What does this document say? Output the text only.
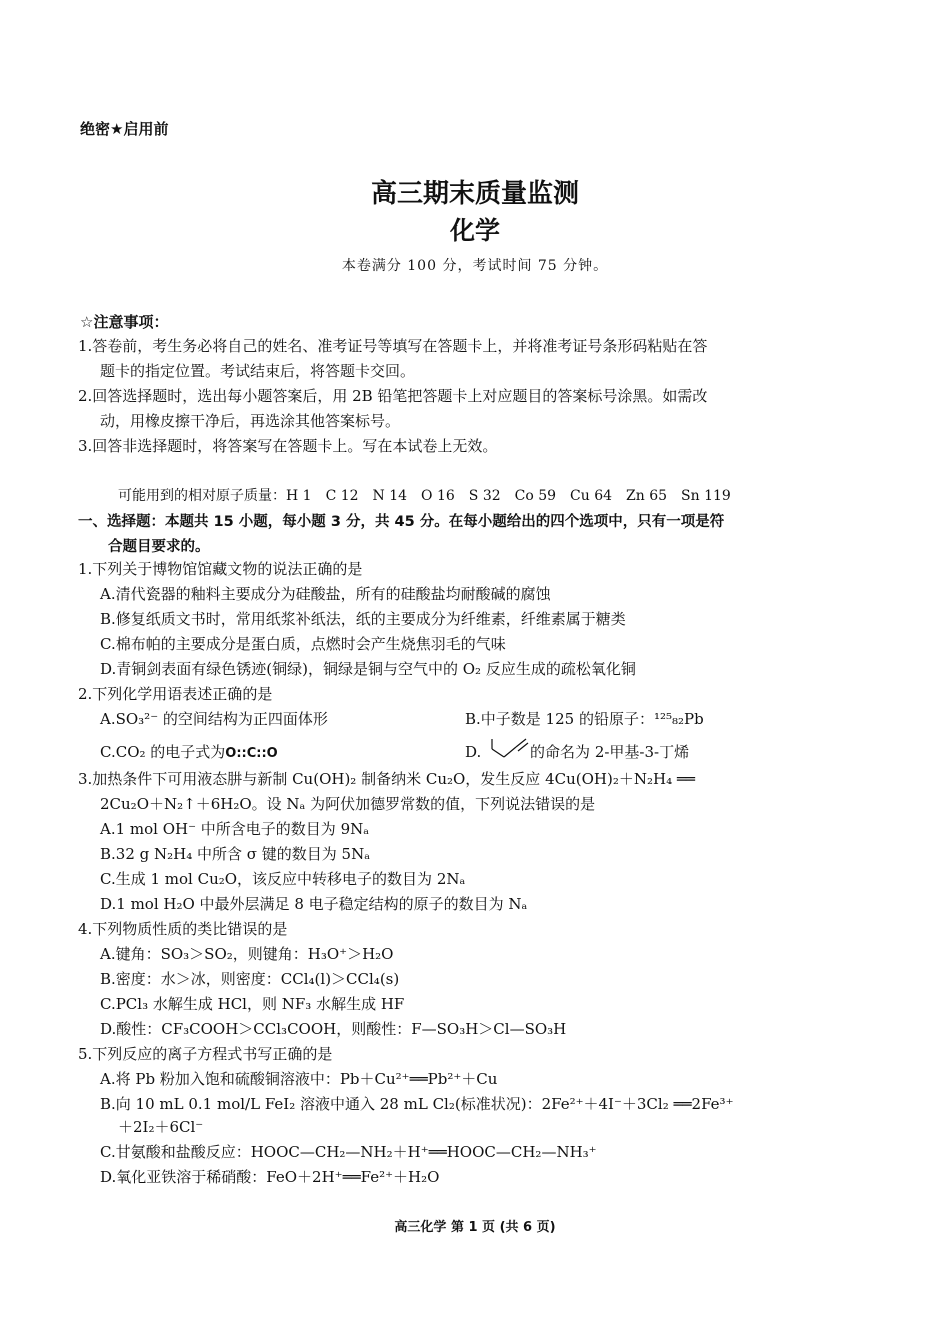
绝密★启用前
高三期末质量监测
化学
本卷满分 100 分，考试时间 75 分钟。
☆注意事项：
1.答卷前，考生务必将自己的姓名、准考证号等填写在答题卡上，并将准考证号条形码粘贴在答
题卡的指定位置。考试结束后，将答题卡交回。
2.回答选择题时，选出每小题答案后，用 2B 铅笔把答题卡上对应题目的答案标号涂黑。如需改
动，用橡皮擦干净后，再选涂其他答案标号。
3.回答非选择题时，将答案写在答题卡上。写在本试卷上无效。
可能用到的相对原子质量：H 1　C 12　N 14　O 16　S 32　Co 59　Cu 64　Zn 65　Sn 119
一、选择题：本题共 15 小题，每小题 3 分，共 45 分。在每小题给出的四个选项中，只有一项是符
合题目要求的。
1.下列关于博物馆馆藏文物的说法正确的是
A.清代瓷器的釉料主要成分为硅酸盐，所有的硅酸盐均耐酸碱的腐蚀
B.修复纸质文书时，常用纸浆补纸法，纸的主要成分为纤维素，纤维素属于糖类
C.棉布帕的主要成分是蛋白质，点燃时会产生烧焦羽毛的气味
D.青铜剑表面有绿色锈迹(铜绿)，铜绿是铜与空气中的 O₂ 反应生成的疏松氧化铜
2.下列化学用语表述正确的是
A.SO₃²⁻ 的空间结构为正四面体形	B.中子数是 125 的铅原子：¹²⁵₈₂Pb
C.CO₂ 的电子式为O::C::O	D.	的命名为 2-甲基-3-丁烯
3.加热条件下可用液态肼与新制 Cu(OH)₂ 制备纳米 Cu₂O，发生反应 4Cu(OH)₂＋N₂H₄ ══
2Cu₂O＋N₂↑＋6H₂O。设 Nₐ 为阿伏加德罗常数的值，下列说法错误的是
A.1 mol OH⁻ 中所含电子的数目为 9Nₐ
B.32 g N₂H₄ 中所含 σ 键的数目为 5Nₐ
C.生成 1 mol Cu₂O，该反应中转移电子的数目为 2Nₐ
D.1 mol H₂O 中最外层满足 8 电子稳定结构的原子的数目为 Nₐ
4.下列物质性质的类比错误的是
A.键角：SO₃＞SO₂，则键角：H₃O⁺＞H₂O
B.密度：水＞冰，则密度：CCl₄(l)＞CCl₄(s)
C.PCl₃ 水解生成 HCl，则 NF₃ 水解生成 HF
D.酸性：CF₃COOH＞CCl₃COOH，则酸性：F—SO₃H＞Cl—SO₃H
5.下列反应的离子方程式书写正确的是
A.将 Pb 粉加入饱和硫酸铜溶液中：Pb＋Cu²⁺══Pb²⁺＋Cu
B.向 10 mL 0.1 mol/L FeI₂ 溶液中通入 28 mL Cl₂(标准状况)：2Fe²⁺＋4I⁻＋3Cl₂ ══2Fe³⁺
＋2I₂＋6Cl⁻
C.甘氨酸和盐酸反应：HOOC—CH₂—NH₂＋H⁺══HOOC—CH₂—NH₃⁺
D.氧化亚铁溶于稀硝酸：FeO＋2H⁺══Fe²⁺＋H₂O
高三化学 第 1 页 (共 6 页)
